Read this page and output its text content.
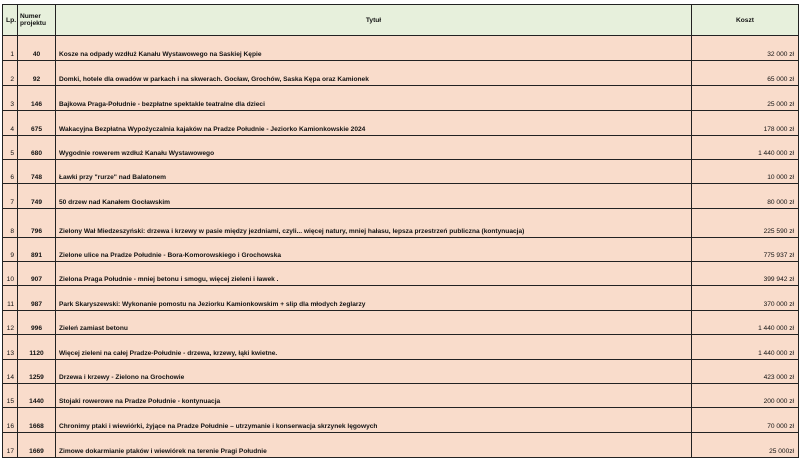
Lp.	Numer projektu	Tytuł	Koszt
1	40	Kosze na odpady wzdłuż Kanału Wystawowego na Saskiej Kępie	32 000 zł
2	92	Domki, hotele dla owadów w parkach i na skwerach. Gocław, Grochów, Saska Kępa oraz Kamionek	65 000 zł
3	146	Bajkowa Praga-Południe - bezpłatne spektakle teatralne dla dzieci	25 000 zł
4	675	Wakacyjna Bezpłatna Wypożyczalnia kajaków na Pradze Południe - Jeziorko Kamionkowskie 2024	178 000 zł
5	680	Wygodnie rowerem wzdłuż Kanału Wystawowego	1 440 000 zł
6	748	Ławki przy "rurze" nad Balatonem	10 000 zł
7	749	50 drzew nad Kanałem Gocławskim	80 000 zł
8	796	Zielony Wał Miedzeszyński: drzewa i krzewy w pasie między jezdniami, czyli... więcej natury, mniej hałasu, lepsza przestrzeń publiczna (kontynuacja)	225 590 zł
9	891	Zielone ulice na Pradze Południe - Bora-Komorowskiego i Grochowska	775 937 zł
10	907	Zielona Praga Południe - mniej betonu i smogu, więcej zieleni i ławek .	399 942 zł
11	987	Park Skaryszewski: Wykonanie pomostu na Jeziorku Kamionkowskim + slip dla młodych żeglarzy	370 000 zł
12	996	Zieleń zamiast betonu	1 440 000 zł
13	1120	Więcej zieleni na całej Pradze-Południe - drzewa, krzewy, łąki kwietne.	1 440 000 zł
14	1259	Drzewa i krzewy - Zielono na Grochowie	423 000 zł
15	1440	Stojaki rowerowe na Pradze Południe - kontynuacja	200 000 zł
16	1668	Chronimy ptaki i wiewiórki, żyjące na Pradze Południe – utrzymanie i konserwacja skrzynek lęgowych	70 000 zł
17	1669	Zimowe dokarmianie ptaków i wiewiórek na terenie Pragi Południe	25 000zł
